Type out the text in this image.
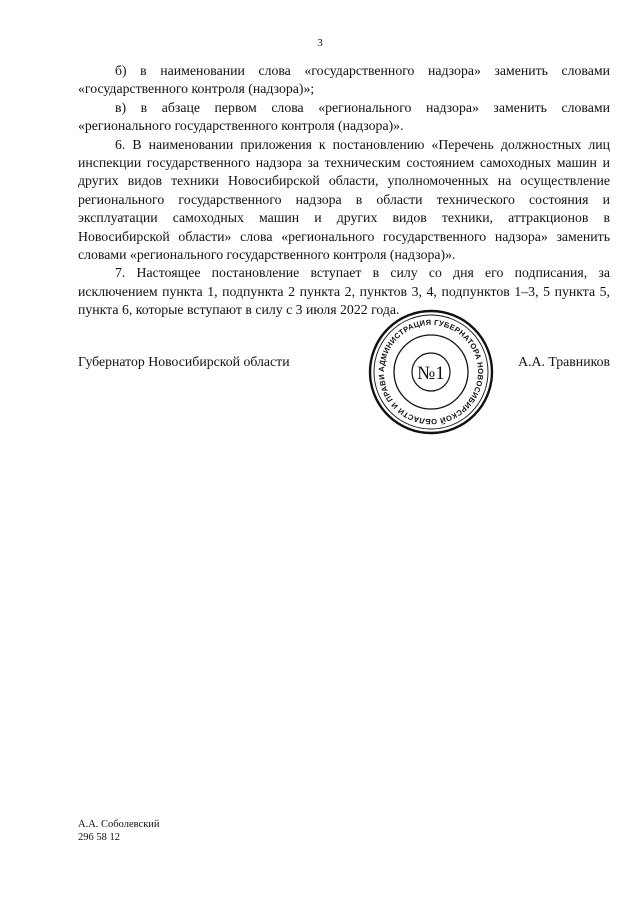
3

б) в наименовании слова «государственного надзора» заменить словами «государственного контроля (надзора)»;

в) в абзаце первом слова «регионального надзора» заменить словами «регионального государственного контроля (надзора)».

6. В наименовании приложения к постановлению «Перечень должностных лиц инспекции государственного надзора за техническим состоянием самоходных машин и других видов техники Новосибирской области, уполномоченных на осуществление регионального государственного надзора в области технического состояния и эксплуатации самоходных машин и других видов техники, аттракционов в Новосибирской области» слова «регионального государственного надзора» заменить словами «регионального государственного контроля (надзора)».

7. Настоящее постановление вступает в силу со дня его подписания, за исключением пункта 1, подпункта 2 пункта 2, пунктов 3, 4, подпунктов 1–3, 5 пункта 5, пункта 6, которые вступают в силу с 3 июля 2022 года.

Губернатор Новосибирской области	А.А. Травников
АДМИНИСТРАЦИЯ ГУБЕРНАТОРА НОВОСИБИРСКОЙ ОБЛАСТИ И ПРАВИ	№1
А.А. Соболевский
296 58 12
